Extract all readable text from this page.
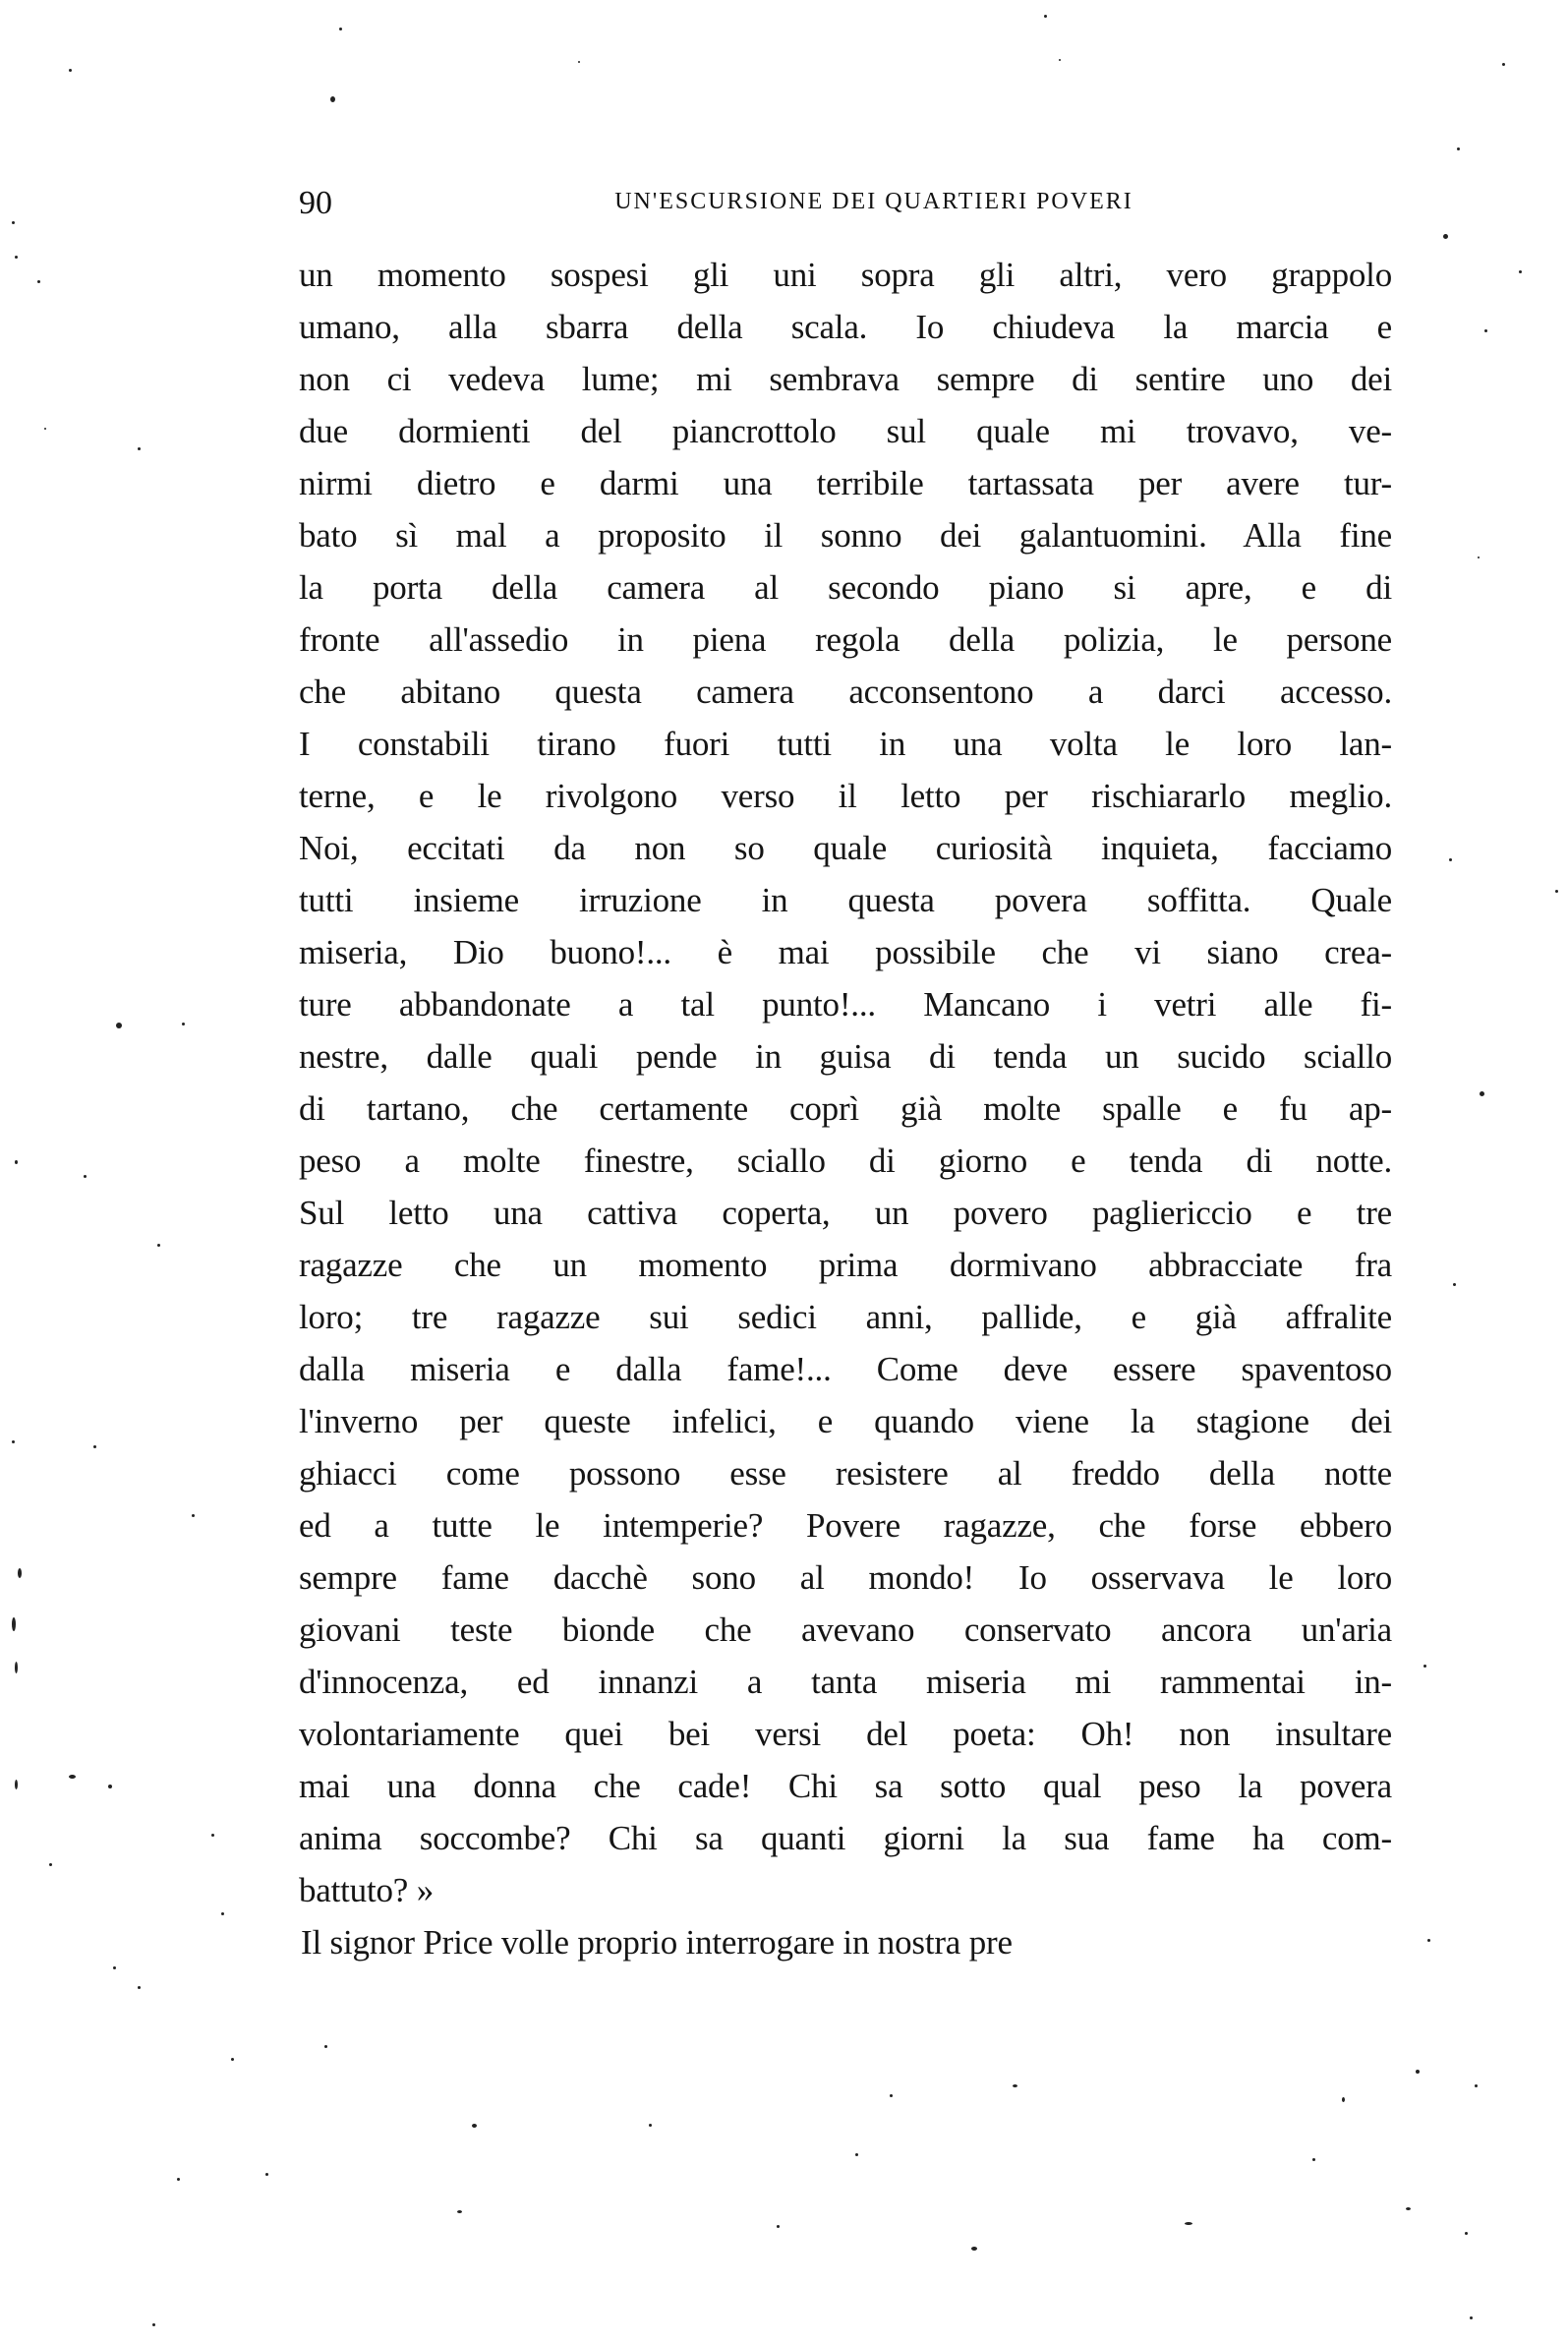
90	UN'ESCURSIONE DEI QUARTIERI POVERI
un momento sospesi gli uni sopra gli altri, vero grappolo
umano, alla sbarra della scala. Io chiudeva la marcia e
non ci vedeva lume; mi sembrava sempre di sentire uno dei
due dormienti del piancrottolo sul quale mi trovavo, ve-
nirmi dietro e darmi una terribile tartassata per avere tur-
bato sì mal a proposito il sonno dei galantuomini. Alla fine
la porta della camera al secondo piano si apre, e di
fronte all'assedio in piena regola della polizia, le persone
che abitano questa camera acconsentono a darci accesso.
I constabili tirano fuori tutti in una volta le loro lan-
terne, e le rivolgono verso il letto per rischiararlo meglio.
Noi, eccitati da non so quale curiosità inquieta, facciamo
tutti insieme irruzione in questa povera soffitta. Quale
miseria, Dio buono!... è mai possibile che vi siano crea-
ture abbandonate a tal punto!... Mancano i vetri alle fi-
nestre, dalle quali pende in guisa di tenda un sucido sciallo
di tartano, che certamente coprì già molte spalle e fu ap-
peso a molte finestre, sciallo di giorno e tenda di notte.
Sul letto una cattiva coperta, un povero pagliericcio e tre
ragazze che un momento prima dormivano abbracciate fra
loro; tre ragazze sui sedici anni, pallide, e già affralite
dalla miseria e dalla fame!... Come deve essere spaventoso
l'inverno per queste infelici, e quando viene la stagione dei
ghiacci come possono esse resistere al freddo della notte
ed a tutte le intemperie? Povere ragazze, che forse ebbero
sempre fame dacchè sono al mondo! Io osservava le loro
giovani teste bionde che avevano conservato ancora un'aria
d'innocenza, ed innanzi a tanta miseria mi rammentai in-
volontariamente quei bei versi del poeta: Oh! non insultare
mai una donna che cade! Chi sa sotto qual peso la povera
anima soccombe? Chi sa quanti giorni la sua fame ha com-
battuto? »
Il signor Price volle proprio interrogare in nostra pre
